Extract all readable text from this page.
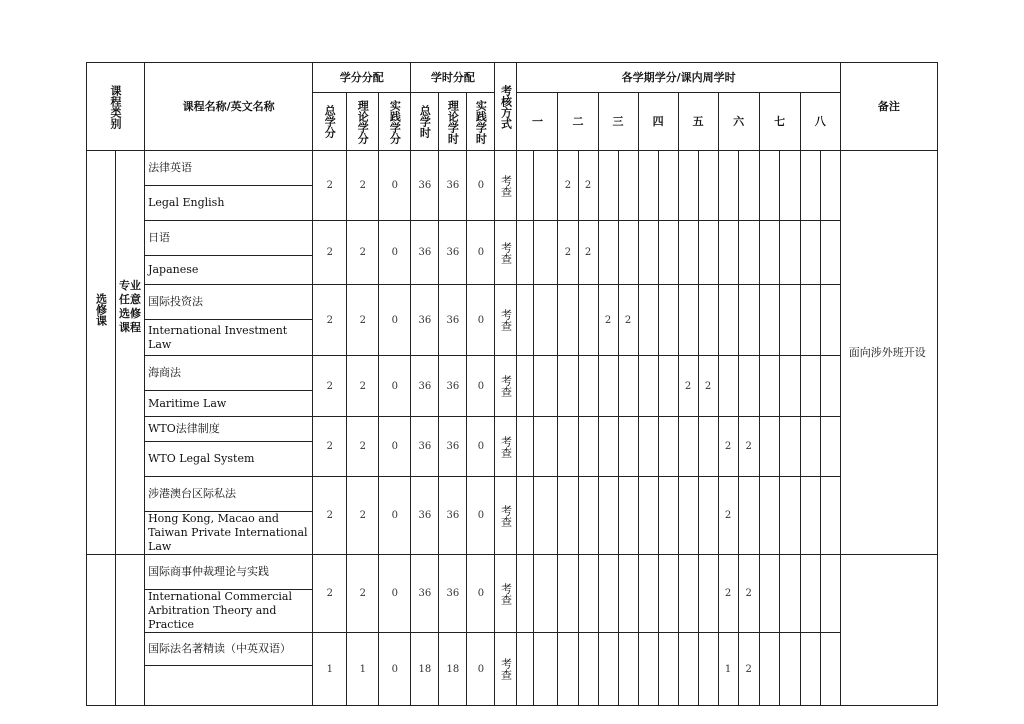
课程类别		课程名称/英文名称	学分分配			学时分配			考核方式	各学期学分/课内周学时																备注

			总学分	理论学分	实践学分	总学时	理论学时	实践学时		一		二		三		四		五		六		七		八		

选修课	专业任意选修课程	法律英语	2	2	0	36	36	0	考查			2	2													面向涉外班开设
		Legal English																								
		日语	2	2	0	36	36	0	考查			2	2													
		Japanese																								
		国际投资法	2	2	0	36	36	0	考查					2	2											
		International Investment Law																								
		海商法	2	2	0	36	36	0	考查									2	2							
		Maritime Law																								
		WTO法律制度	2	2	0	36	36	0	考查											2	2					
		WTO Legal System																								
		涉港澳台区际私法	2	2	0	36	36	0	考查											2						
		Hong Kong, Macao and Taiwan Private International Law																								
		国际商事仲裁理论与实践	2	2	0	36	36	0	考查											2	2					
		International Commercial Arbitration Theory and Practice																								
		国际法名著精读（中英双语）	1	1	0	18	18	0	考查											1	2					
